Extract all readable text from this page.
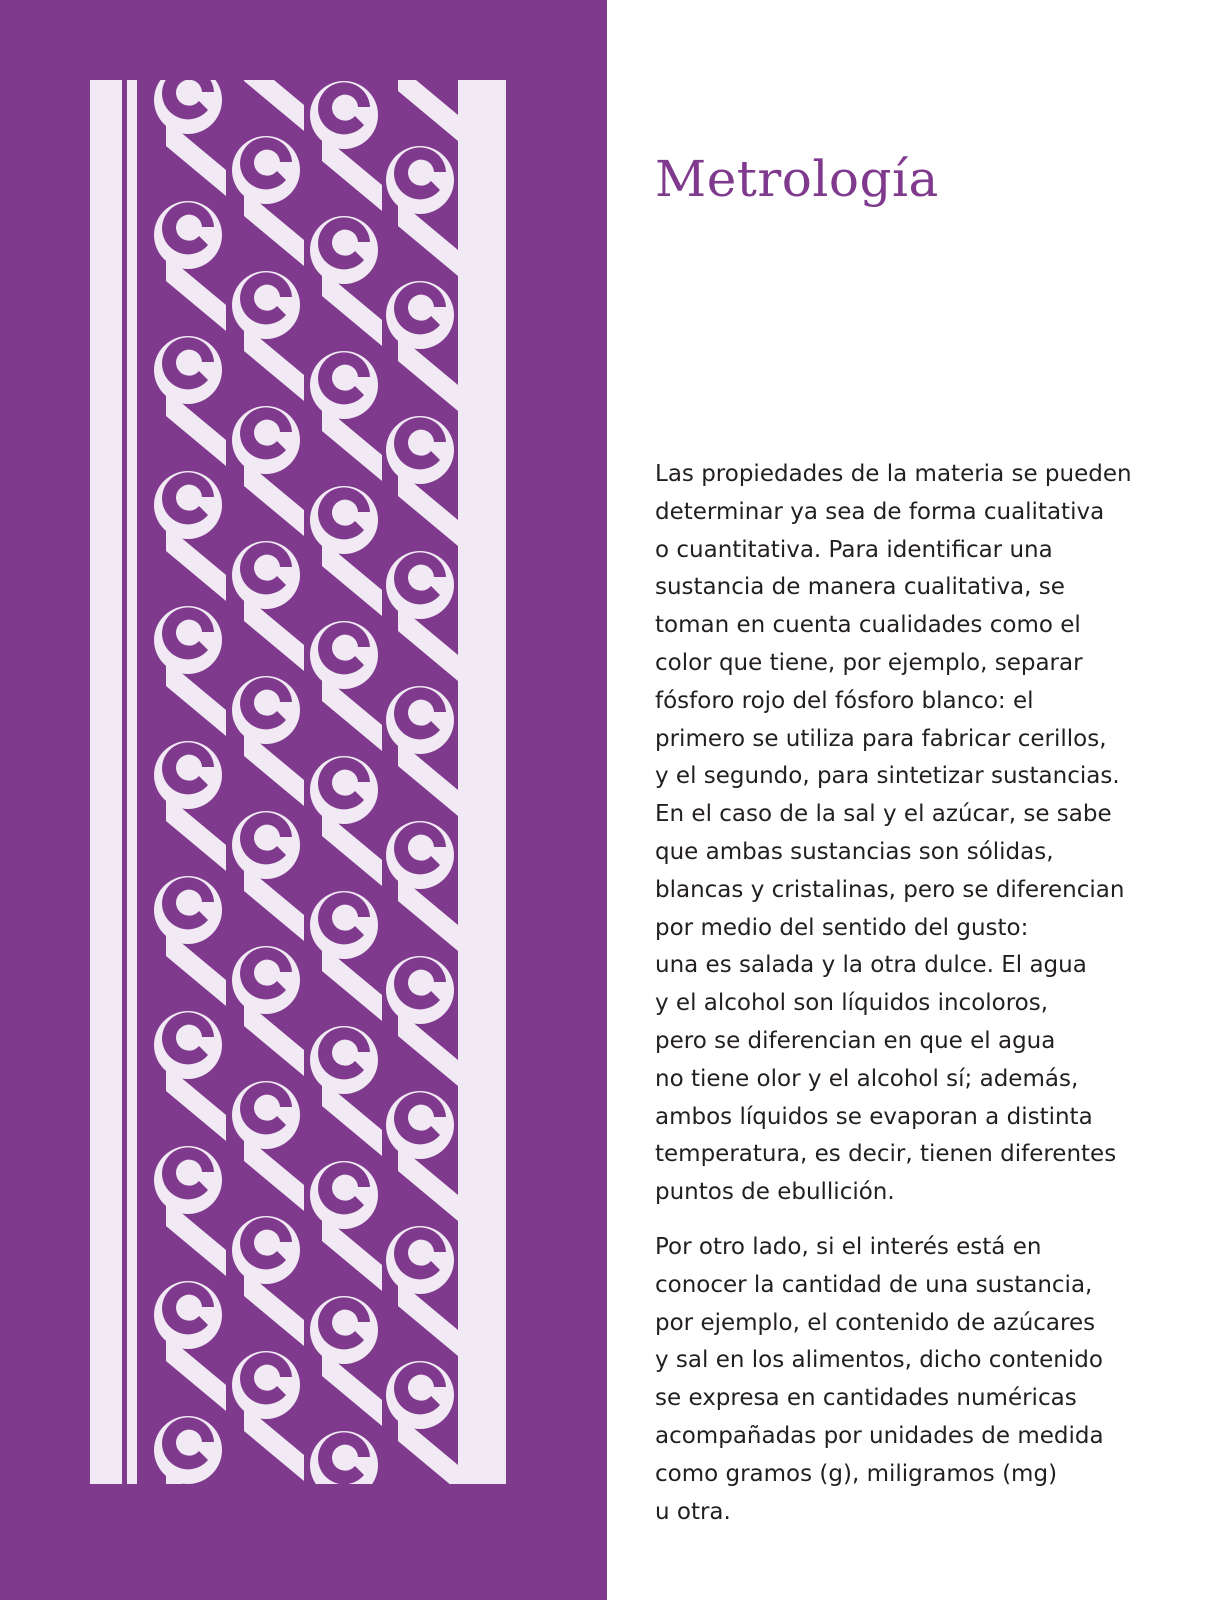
Metrología

Las propiedades de la materia se pueden
determinar ya sea de forma cualitativa
o cuantitativa. Para identificar una
sustancia de manera cualitativa, se
toman en cuenta cualidades como el
color que tiene, por ejemplo, separar
fósforo rojo del fósforo blanco: el
primero se utiliza para fabricar cerillos,
y el segundo, para sintetizar sustancias.
En el caso de la sal y el azúcar, se sabe
que ambas sustancias son sólidas,
blancas y cristalinas, pero se diferencian
por medio del sentido del gusto:
una es salada y la otra dulce. El agua
y el alcohol son líquidos incoloros,
pero se diferencian en que el agua
no tiene olor y el alcohol sí; además,
ambos líquidos se evaporan a distinta
temperatura, es decir, tienen diferentes
puntos de ebullición.

Por otro lado, si el interés está en
conocer la cantidad de una sustancia,
por ejemplo, el contenido de azúcares
y sal en los alimentos, dicho contenido
se expresa en cantidades numéricas
acompañadas por unidades de medida
como gramos (g), miligramos (mg)
u otra.
